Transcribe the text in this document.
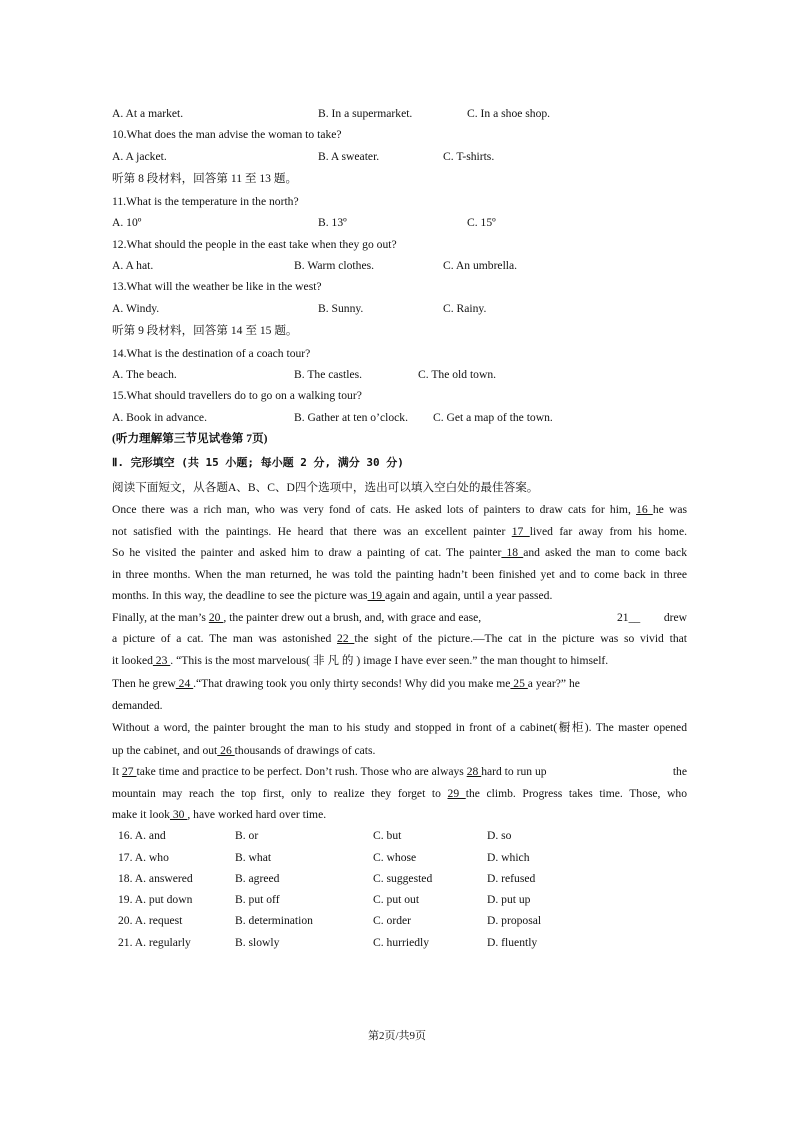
A. At a market.	B. In a supermarket.	C. In a shoe shop.
10.What does the man advise the woman to take?
A. A jacket.	B. A sweater.	C. T-shirts.
听第 8 段材料，回答第 11 至 13 题。
11.What is the temperature in the north?
A. 10º	B. 13º	C. 15º
12.What should the people in the east take when they go out?
A. A hat.	B. Warm clothes.	C. An umbrella.
13.What will the weather be like in the west?
A. Windy.	B. Sunny.	C. Rainy.
听第 9 段材料，回答第 14 至 15 题。
14.What is the destination of a coach tour?
A. The beach.	B. The castles.	C. The old town.
15.What should travellers do to go on a walking tour?
A. Book in advance.	B. Gather at ten o’clock. C. Get a map of the town.
(听力理解第三节见试卷第 7页)
Ⅱ. 完形填空 (共 15 小题; 每小题 2 分, 满分 30 分)
阅读下面短文，从各题A、B、C、D四个选项中，选出可以填入空白处的最佳答案。
Once there was a rich man, who was very fond of cats. He asked lots of painters to draw cats for him, 16 he was
not satisfied with the paintings. He heard that there was an excellent painter 17 lived far away from his home.
So he visited the painter and asked him to draw a painting of cat. The painter 18 and asked the man to come back
in three months. When the man returned, he was told the painting hadn’t been finished yet and to come back in three
months. In this way, the deadline to see the picture was 19 again and again, until a year passed.
Finally, at the man’s 20 , the painter drew out a brush, and, with grace and ease,	21__ drew
a picture of a cat. The man was astonished 22 the sight of the picture.—The cat in the picture was so vivid that
it looked 23 . “This is the most marvelous( 非 凡 的 ) image I have ever seen.” the man thought to himself.
Then he grew 24 .“That drawing took you only thirty seconds! Why did you make me 25 a year?” he
demanded.
Without a word, the painter brought the man to his study and stopped in front of a cabinet(橱柜). The master opened
up the cabinet, and out 26 thousands of drawings of cats.
It 27 take time and practice to be perfect. Don’t rush. Those who are always 28 hard to run up	the
mountain may reach the top first, only to realize they forget to 29 the climb. Progress takes time. Those, who
make it look 30 , have worked hard over time.
16. A. and	B. or	C. but	D. so
17. A. who	B. what	C. whose	D. which
18. A. answered	B. agreed	C. suggested	D. refused
19. A. put down	B. put off	C. put out	D. put up
20. A. request	B. determination	C. order	D. proposal
21. A. regularly	B. slowly	C. hurriedly	D. fluently
第2页/共9页
